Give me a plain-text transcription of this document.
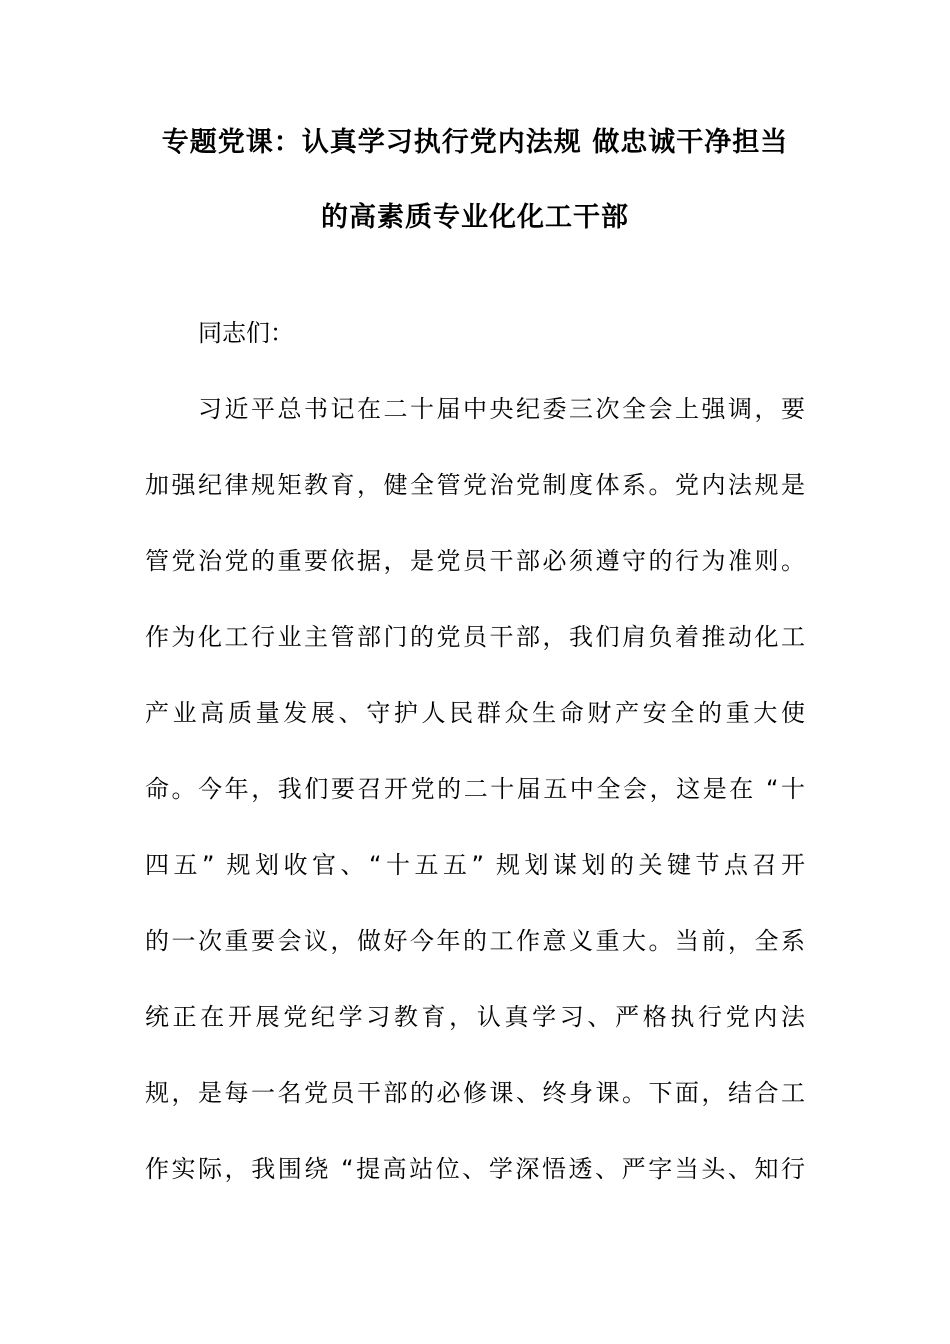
专题党课：认真学习执行党内法规 做忠诚干净担当
的高素质专业化化工干部
同志们：
习近平总书记在二十届中央纪委三次全会上强调，要
加强纪律规矩教育，健全管党治党制度体系。党内法规是
管党治党的重要依据，是党员干部必须遵守的行为准则。
作为化工行业主管部门的党员干部，我们肩负着推动化工
产业高质量发展、守护人民群众生命财产安全的重大使
命。今年，我们要召开党的二十届五中全会，这是在 “十
四五” 规划收官、“十五五” 规划谋划的关键节点召开
的一次重要会议，做好今年的工作意义重大。当前，全系
统正在开展党纪学习教育，认真学习、严格执行党内法
规，是每一名党员干部的必修课、终身课。下面，结合工
作实际，我围绕 “提高站位、学深悟透、严字当头、知行
